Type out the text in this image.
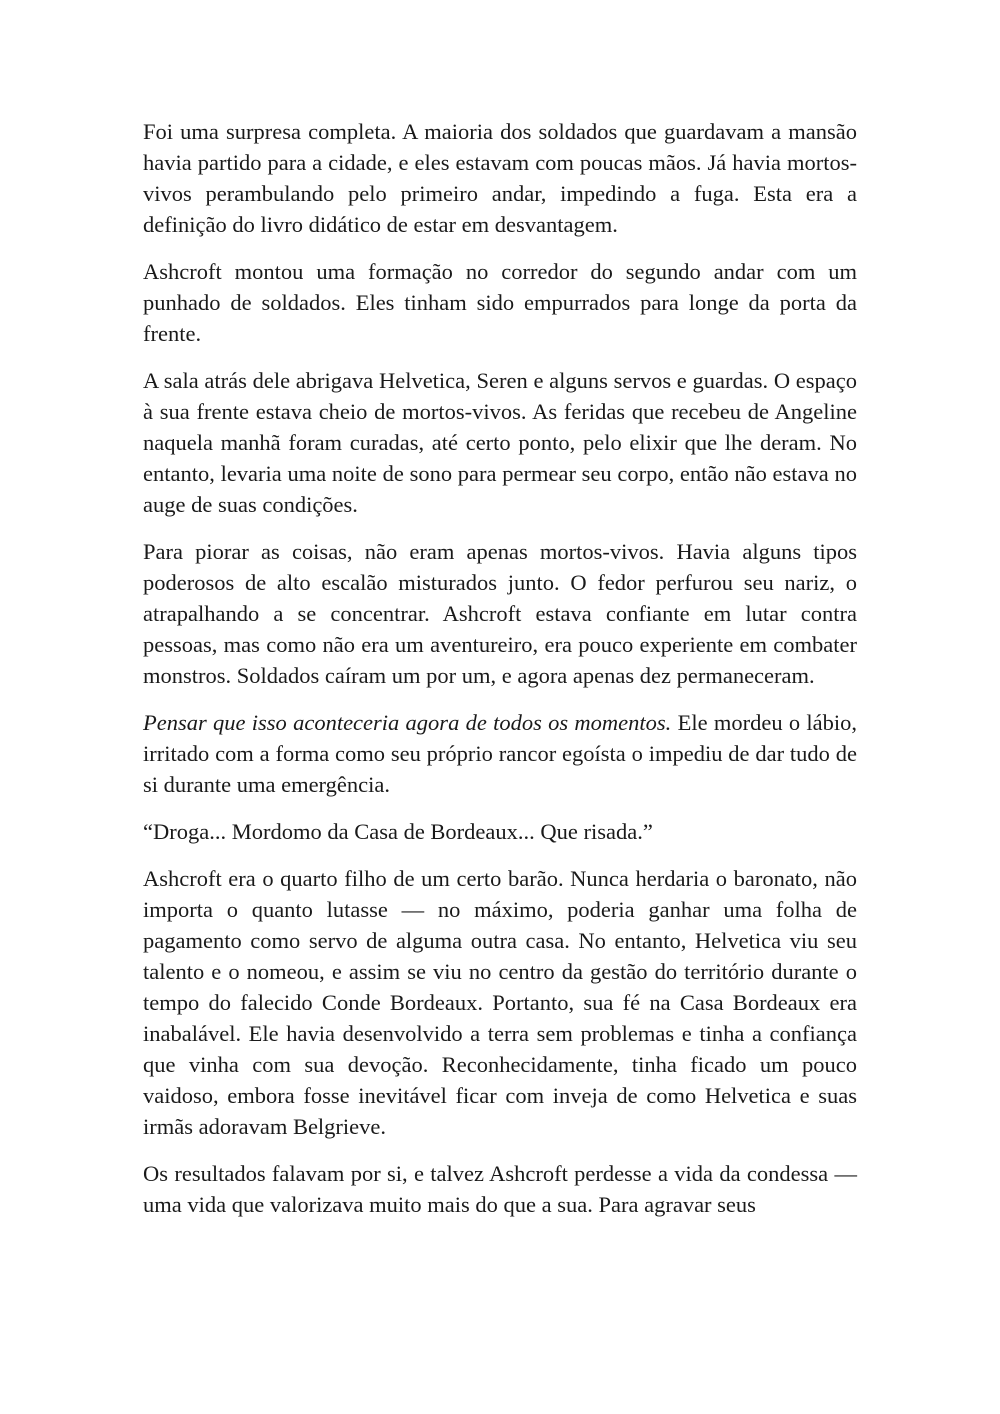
Foi uma surpresa completa. A maioria dos soldados que guardavam a mansão havia partido para a cidade, e eles estavam com poucas mãos. Já havia mortos-vivos perambulando pelo primeiro andar, impedindo a fuga. Esta era a definição do livro didático de estar em desvantagem.

Ashcroft montou uma formação no corredor do segundo andar com um punhado de soldados. Eles tinham sido empurrados para longe da porta da frente.

A sala atrás dele abrigava Helvetica, Seren e alguns servos e guardas. O espaço à sua frente estava cheio de mortos-vivos. As feridas que recebeu de Angeline naquela manhã foram curadas, até certo ponto, pelo elixir que lhe deram. No entanto, levaria uma noite de sono para permear seu corpo, então não estava no auge de suas condições.

Para piorar as coisas, não eram apenas mortos-vivos. Havia alguns tipos poderosos de alto escalão misturados junto. O fedor perfurou seu nariz, o atrapalhando a se concentrar. Ashcroft estava confiante em lutar contra pessoas, mas como não era um aventureiro, era pouco experiente em combater monstros. Soldados caíram um por um, e agora apenas dez permaneceram.

Pensar que isso aconteceria agora de todos os momentos. Ele mordeu o lábio, irritado com a forma como seu próprio rancor egoísta o impediu de dar tudo de si durante uma emergência.

“Droga... Mordomo da Casa de Bordeaux... Que risada.”

Ashcroft era o quarto filho de um certo barão. Nunca herdaria o baronato, não importa o quanto lutasse — no máximo, poderia ganhar uma folha de pagamento como servo de alguma outra casa. No entanto, Helvetica viu seu talento e o nomeou, e assim se viu no centro da gestão do território durante o tempo do falecido Conde Bordeaux. Portanto, sua fé na Casa Bordeaux era inabalável. Ele havia desenvolvido a terra sem problemas e tinha a confiança que vinha com sua devoção. Reconhecidamente, tinha ficado um pouco vaidoso, embora fosse inevitável ficar com inveja de como Helvetica e suas irmãs adoravam Belgrieve.

Os resultados falavam por si, e talvez Ashcroft perdesse a vida da condessa — uma vida que valorizava muito mais do que a sua. Para agravar seus
